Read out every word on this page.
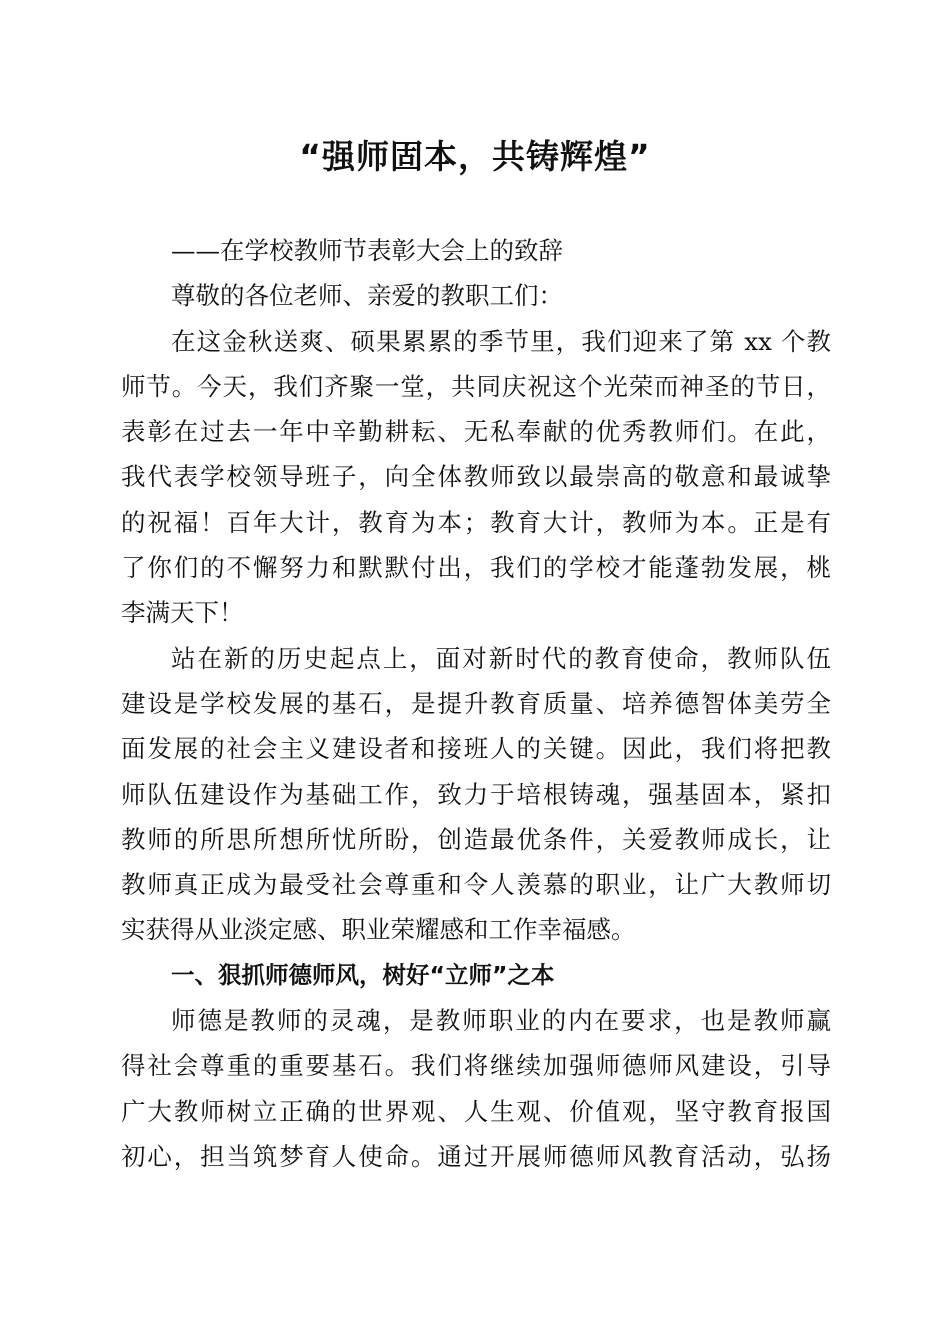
“强师固本，共铸辉煌”
——在学校教师节表彰大会上的致辞
尊敬的各位老师、亲爱的教职工们：
在这金秋送爽、硕果累累的季节里，我们迎来了第 xx 个教
师节。今天，我们齐聚一堂，共同庆祝这个光荣而神圣的节日，
表彰在过去一年中辛勤耕耘、无私奉献的优秀教师们。在此，
我代表学校领导班子，向全体教师致以最崇高的敬意和最诚挚
的祝福！百年大计，教育为本；教育大计，教师为本。正是有
了你们的不懈努力和默默付出，我们的学校才能蓬勃发展，桃
李满天下！
站在新的历史起点上，面对新时代的教育使命，教师队伍
建设是学校发展的基石，是提升教育质量、培养德智体美劳全
面发展的社会主义建设者和接班人的关键。因此，我们将把教
师队伍建设作为基础工作，致力于培根铸魂，强基固本，紧扣
教师的所思所想所忧所盼，创造最优条件，关爱教师成长，让
教师真正成为最受社会尊重和令人羡慕的职业，让广大教师切
实获得从业淡定感、职业荣耀感和工作幸福感。
一、狠抓师德师风，树好“立师”之本
师德是教师的灵魂，是教师职业的内在要求，也是教师赢
得社会尊重的重要基石。我们将继续加强师德师风建设，引导
广大教师树立正确的世界观、人生观、价值观，坚守教育报国
初心，担当筑梦育人使命。通过开展师德师风教育活动，弘扬
